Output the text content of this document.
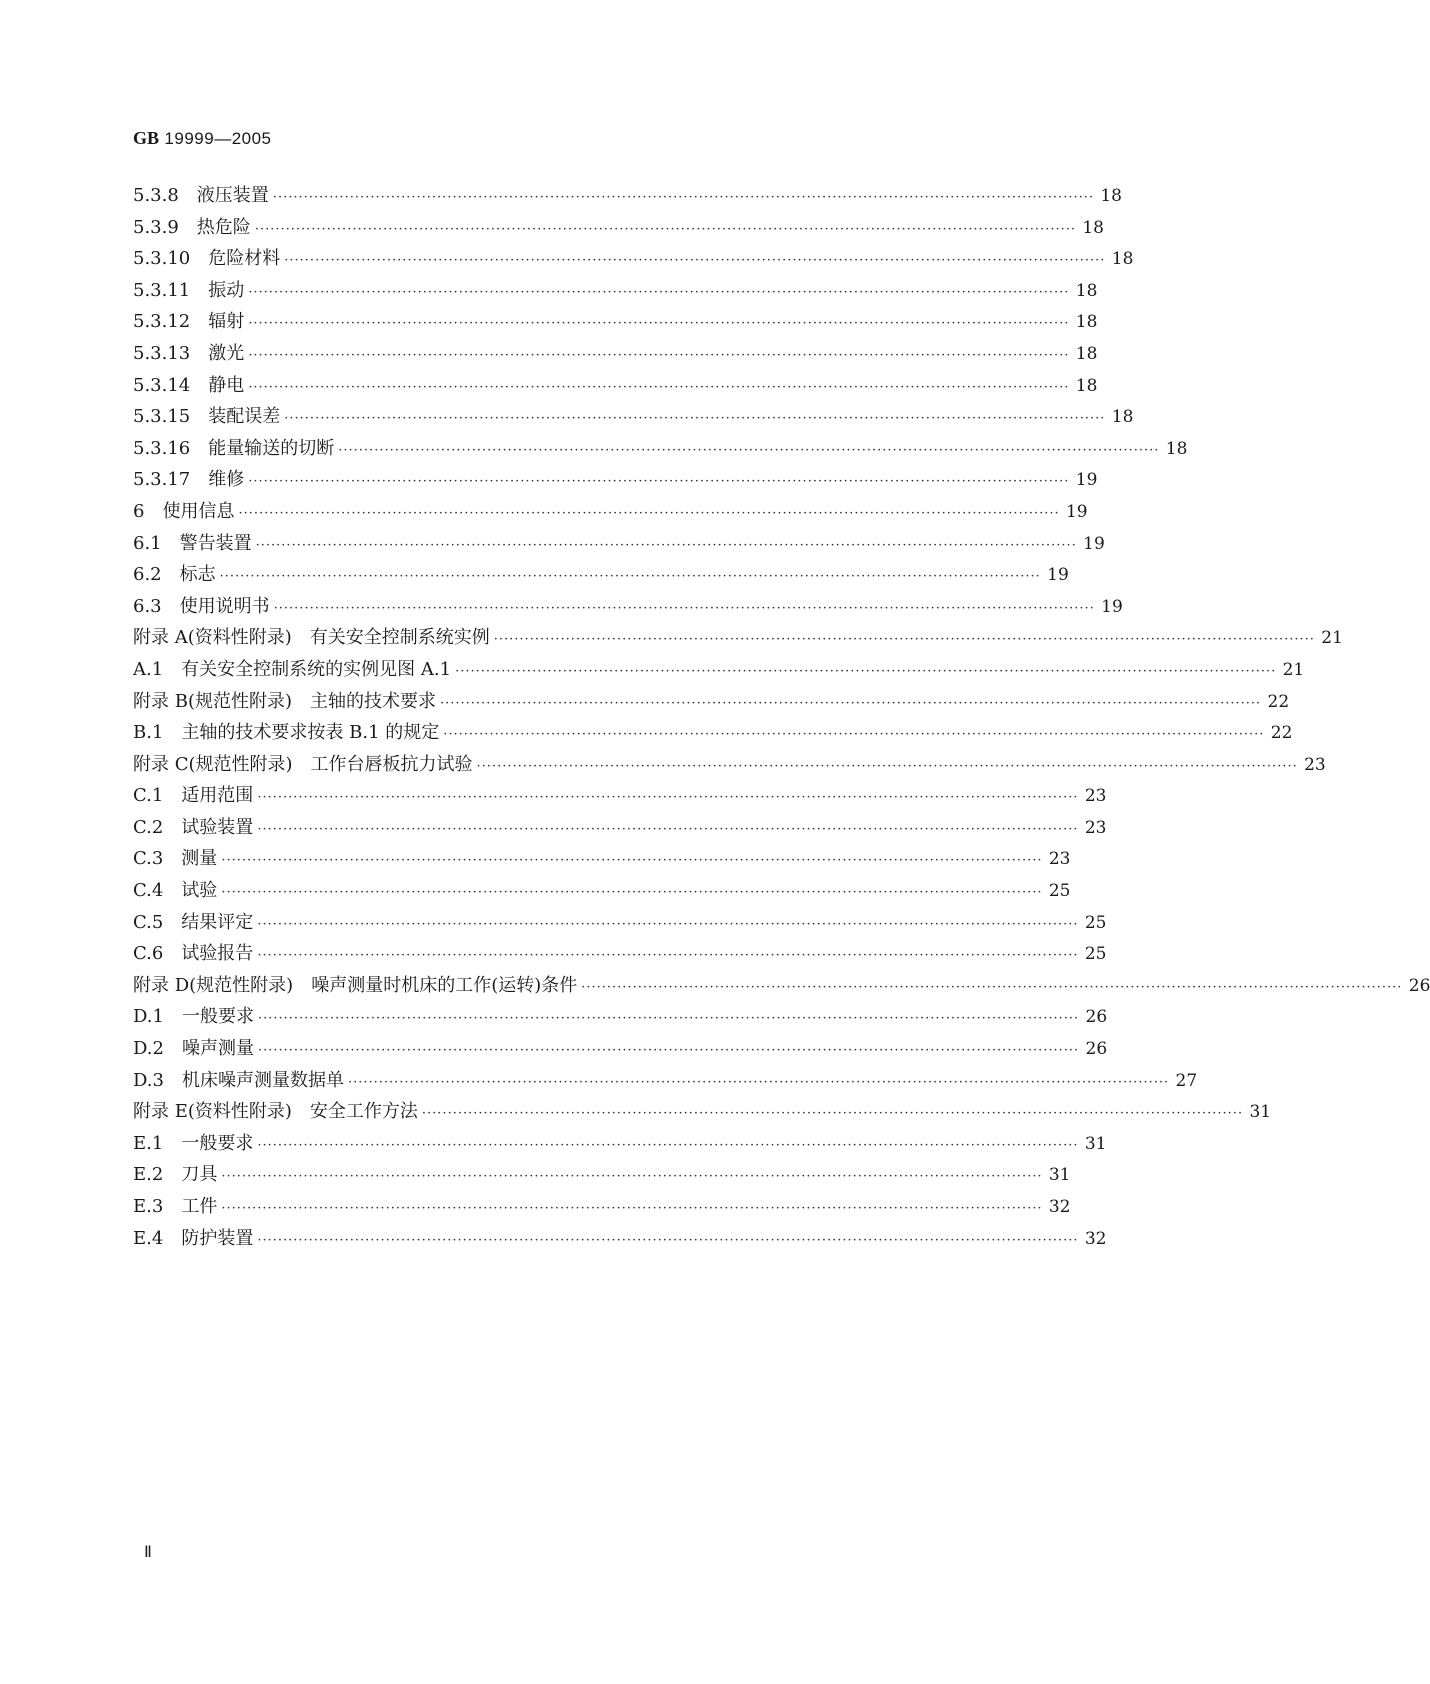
GB 19999—2005
5.3.8　液压装置 ································································································································································ 18
5.3.9　热危险 ································································································································································ 18
5.3.10　危险材料 ································································································································································ 18
5.3.11　振动 ································································································································································ 18
5.3.12　辐射 ································································································································································ 18
5.3.13　激光 ································································································································································ 18
5.3.14　静电 ································································································································································ 18
5.3.15　装配误差 ································································································································································ 18
5.3.16　能量输送的切断 ································································································································································ 18
5.3.17　维修 ································································································································································ 19
6　使用信息 ································································································································································ 19
6.1　警告装置 ································································································································································ 19
6.2　标志 ································································································································································ 19
6.3　使用说明书 ································································································································································ 19
附录 A(资料性附录)　有关安全控制系统实例 ································································································································································ 21
A.1　有关安全控制系统的实例见图 A.1 ································································································································································ 21
附录 B(规范性附录)　主轴的技术要求 ································································································································································ 22
B.1　主轴的技术要求按表 B.1 的规定 ································································································································································ 22
附录 C(规范性附录)　工作台唇板抗力试验 ································································································································································ 23
C.1　适用范围 ································································································································································ 23
C.2　试验装置 ································································································································································ 23
C.3　测量 ································································································································································ 23
C.4　试验 ································································································································································ 25
C.5　结果评定 ································································································································································ 25
C.6　试验报告 ································································································································································ 25
附录 D(规范性附录)　噪声测量时机床的工作(运转)条件 ································································································································································ 26
D.1　一般要求 ································································································································································ 26
D.2　噪声测量 ································································································································································ 26
D.3　机床噪声测量数据单 ································································································································································ 27
附录 E(资料性附录)　安全工作方法 ································································································································································ 31
E.1　一般要求 ································································································································································ 31
E.2　刀具 ································································································································································ 31
E.3　工件 ································································································································································ 32
E.4　防护装置 ································································································································································ 32
Ⅱ
